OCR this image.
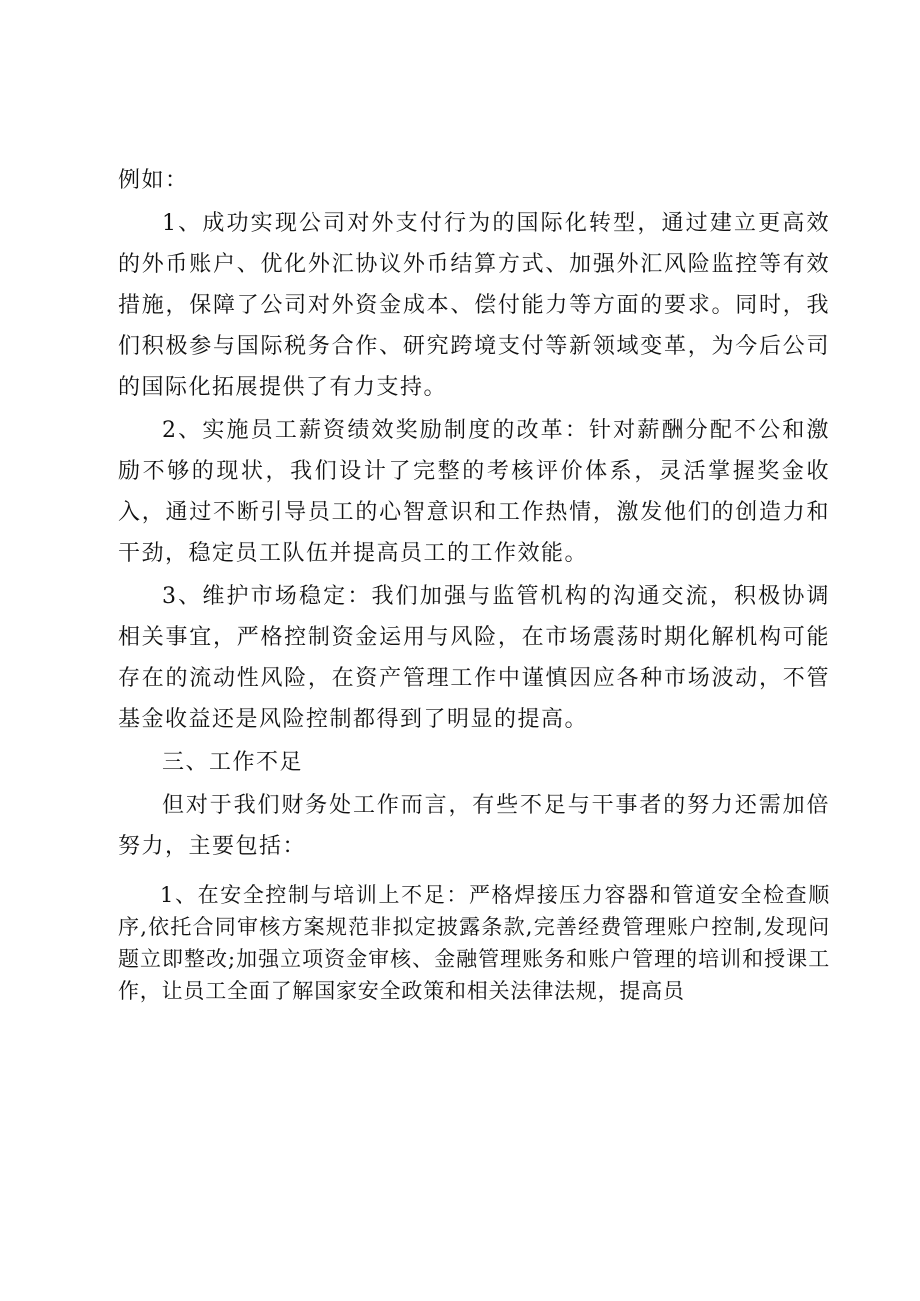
例如：

1、成功实现公司对外支付行为的国际化转型，通过建立更高效的外币账户、优化外汇协议外币结算方式、加强外汇风险监控等有效措施，保障了公司对外资金成本、偿付能力等方面的要求。同时，我们积极参与国际税务合作、研究跨境支付等新领域变革，为今后公司的国际化拓展提供了有力支持。

2、实施员工薪资绩效奖励制度的改革：针对薪酬分配不公和激励不够的现状，我们设计了完整的考核评价体系，灵活掌握奖金收入，通过不断引导员工的心智意识和工作热情，激发他们的创造力和干劲，稳定员工队伍并提高员工的工作效能。

3、维护市场稳定：我们加强与监管机构的沟通交流，积极协调相关事宜，严格控制资金运用与风险，在市场震荡时期化解机构可能存在的流动性风险，在资产管理工作中谨慎因应各种市场波动，不管基金收益还是风险控制都得到了明显的提高。

三、工作不足

但对于我们财务处工作而言，有些不足与干事者的努力还需加倍努力，主要包括：

1、在安全控制与培训上不足：严格焊接压力容器和管道安全检查顺序,依托合同审核方案规范非拟定披露条款,完善经费管理账户控制,发现问题立即整改;加强立项资金审核、金融管理账务和账户管理的培训和授课工作，让员工全面了解国家安全政策和相关法律法规，提高员
